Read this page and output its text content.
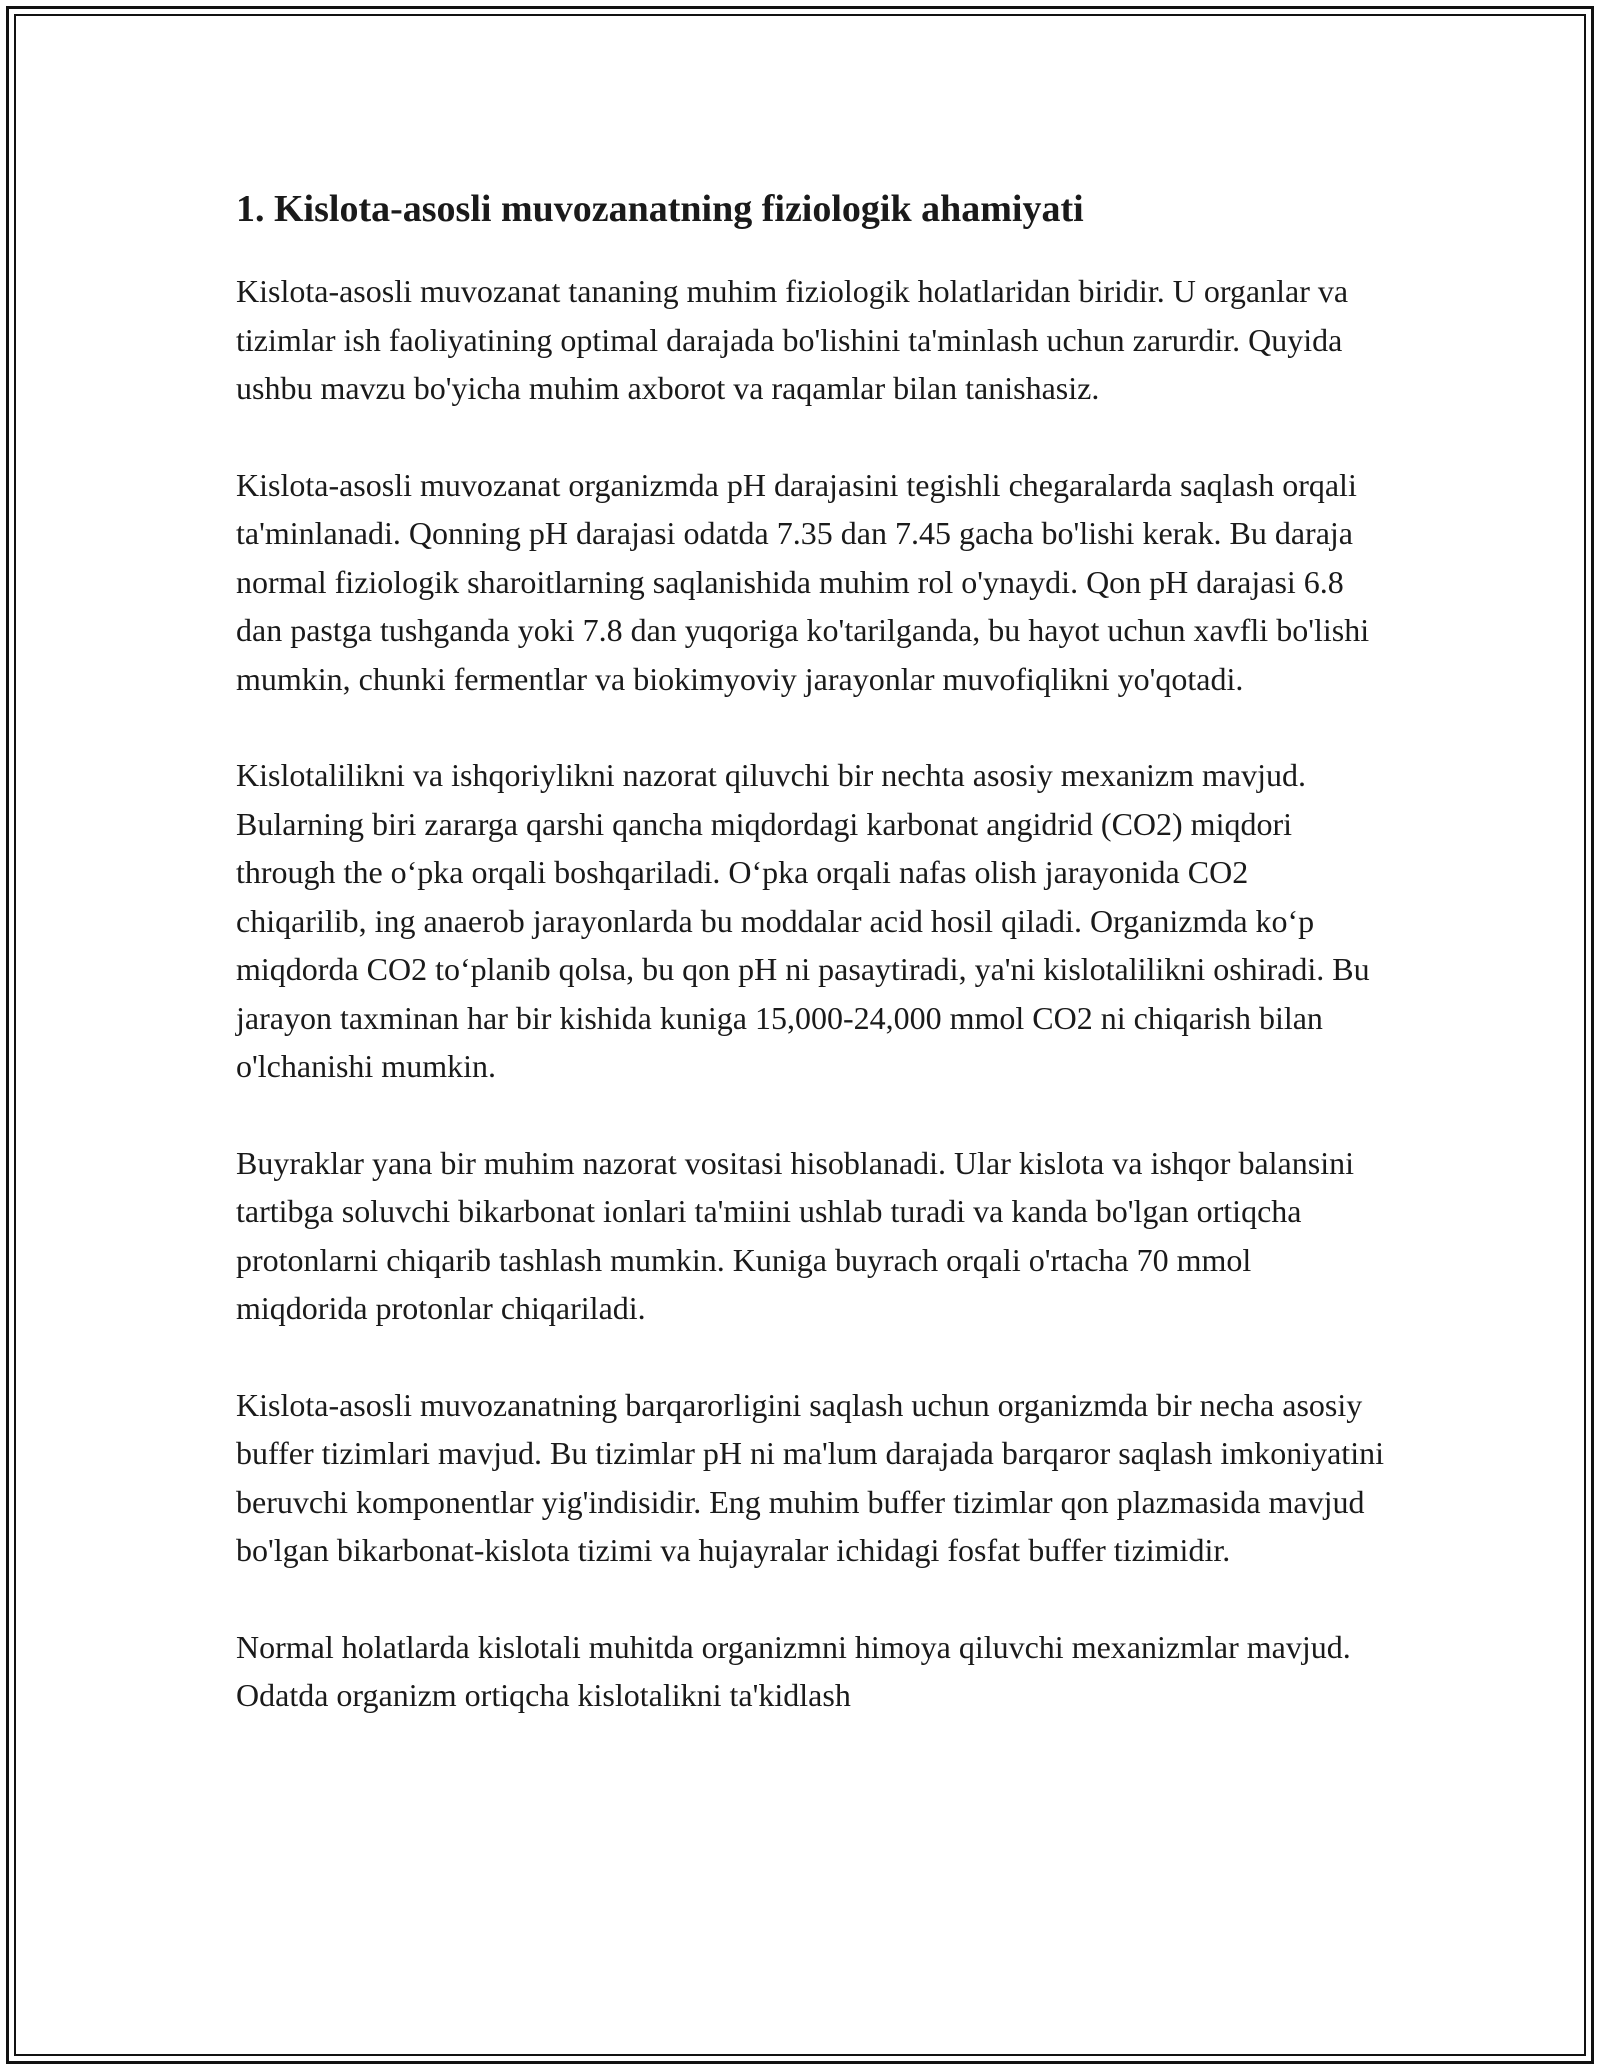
1. Kislota-asosli muvozanatning fiziologik ahamiyati

Kislota-asosli muvozanat tananing muhim fiziologik holatlaridan biridir. U organlar va tizimlar ish faoliyatining optimal darajada bo'lishini ta'minlash uchun zarurdir. Quyida ushbu mavzu bo'yicha muhim axborot va raqamlar bilan tanishasiz.

Kislota-asosli muvozanat organizmda pH darajasini tegishli chegaralarda saqlash orqali ta'minlanadi. Qonning pH darajasi odatda 7.35 dan 7.45 gacha bo'lishi kerak. Bu daraja normal fiziologik sharoitlarning saqlanishida muhim rol o'ynaydi. Qon pH darajasi 6.8 dan pastga tushganda yoki 7.8 dan yuqoriga ko'tarilganda, bu hayot uchun xavfli bo'lishi mumkin, chunki fermentlar va biokimyoviy jarayonlar muvofiqlikni yo'qotadi.

Kislotalilikni va ishqoriylikni nazorat qiluvchi bir nechta asosiy mexanizm mavjud. Bularning biri zararga qarshi qancha miqdordagi karbonat angidrid (CO2) miqdori through the o‘pka orqali boshqariladi. O‘pka orqali nafas olish jarayonida CO2 chiqarilib, ing anaerob jarayonlarda bu moddalar acid hosil qiladi. Organizmda ko‘p miqdorda CO2 to‘planib qolsa, bu qon pH ni pasaytiradi, ya'ni kislotalilikni oshiradi. Bu jarayon taxminan har bir kishida kuniga 15,000-24,000 mmol CO2 ni chiqarish bilan o'lchanishi mumkin.

Buyraklar yana bir muhim nazorat vositasi hisoblanadi. Ular kislota va ishqor balansini tartibga soluvchi bikarbonat ionlari ta'miini ushlab turadi va kanda bo'lgan ortiqcha protonlarni chiqarib tashlash mumkin. Kuniga buyrach orqali o'rtacha 70 mmol miqdorida protonlar chiqariladi.

Kislota-asosli muvozanatning barqarorligini saqlash uchun organizmda bir necha asosiy buffer tizimlari mavjud. Bu tizimlar pH ni ma'lum darajada barqaror saqlash imkoniyatini beruvchi komponentlar yig'indisidir. Eng muhim buffer tizimlar qon plazmasida mavjud bo'lgan bikarbonat-kislota tizimi va hujayralar ichidagi fosfat buffer tizimidir.

Normal holatlarda kislotali muhitda organizmni himoya qiluvchi mexanizmlar mavjud. Odatda organizm ortiqcha kislotalikni ta'kidlash
